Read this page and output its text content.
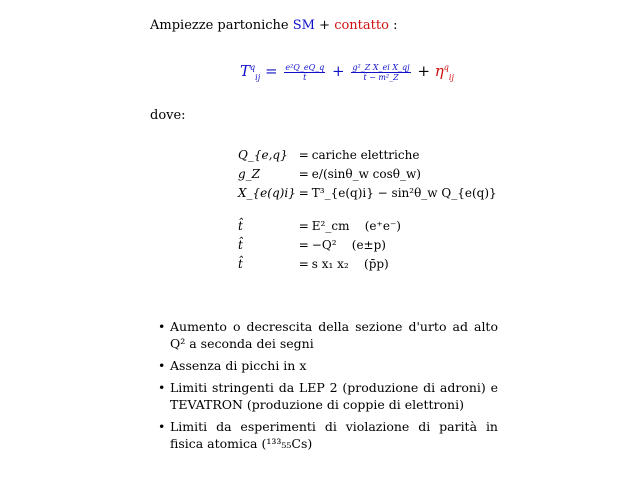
Ampiezze partoniche SM + contatto :
$T^q_{ij} = \frac{\text{e²Q\_eQ\_q}}{t̂} + \frac{\text{g²\_Z X\_ei X\_qj}}{\text{t̂ − m²\_Z}} + \eta^q_{ij}$
dove:
Q_{e,q}	=	cariche elettriche
g_Z	=	e/(sinθ_w cosθ_w)
X_{e(q)i}	=	T³_{e(q)i} − sin²θ_w Q_{e(q)}

t̂	=	E²_cm (e⁺e⁻)
t̂	=	−Q² (e±p)
t̂	=	s x₁ x₂ (p̄p)
• Aumento o decrescita della sezione d'urto ad alto Q² a seconda dei segni
• Assenza di picchi in x
• Limiti stringenti da LEP 2 (produzione di adroni) e TEVATRON (produzione di coppie di elettroni)
• Limiti da esperimenti di violazione di parità in fisica atomica (¹³³₅₅Cs)
